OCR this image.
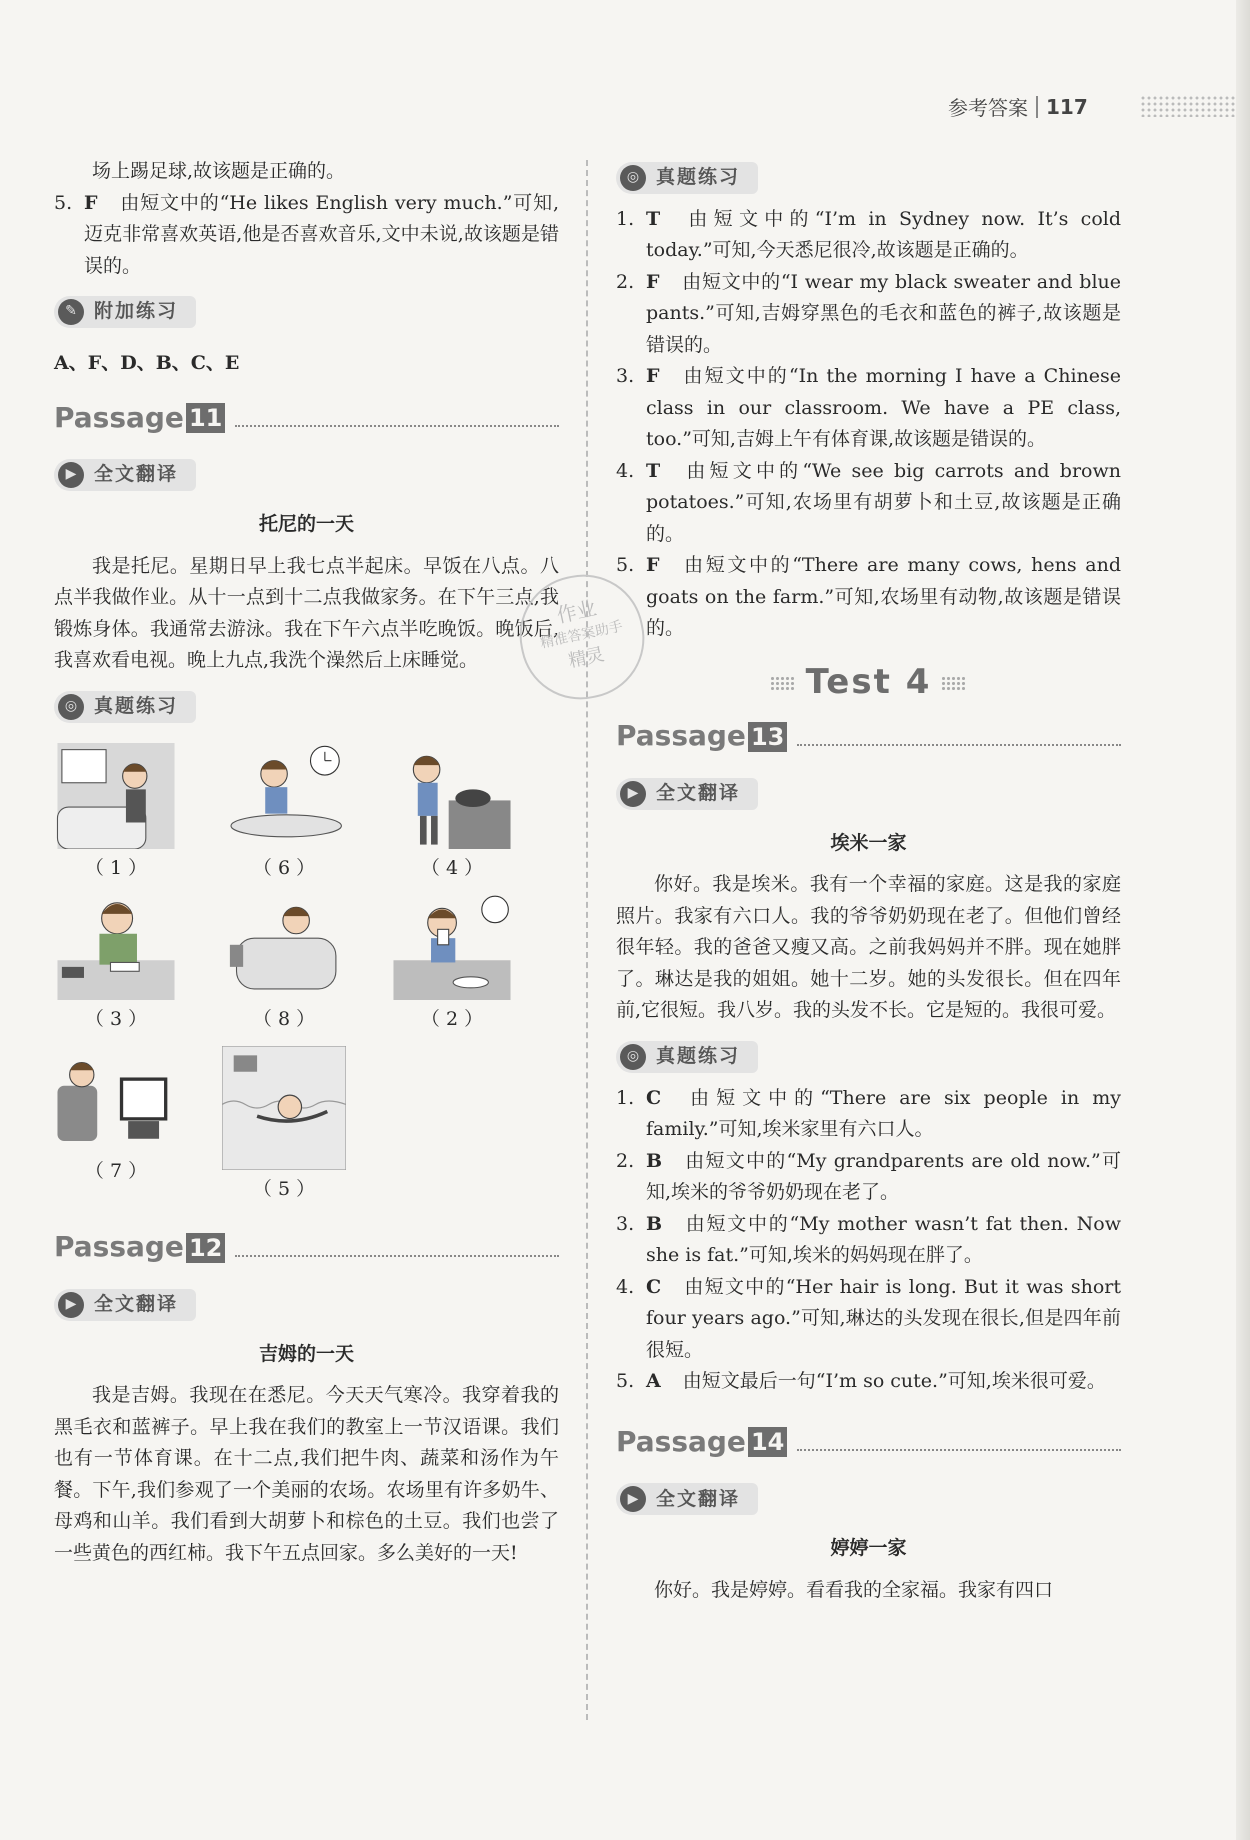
参考答案 117

场上踢足球,故该题是正确的。

5. F 由短文中的“He likes English very much.”可知,迈克非常喜欢英语,他是否喜欢音乐,文中未说,故该题是错误的。

✎ 附加练习

A、F、D、B、C、E

Passage 11
▶ 全文翻译

托尼的一天

我是托尼。星期日早上我七点半起床。早饭在八点。八点半我做作业。从十一点到十二点我做家务。在下午三点,我锻炼身体。我通常去游泳。我在下午六点半吃晚饭。晚饭后,我喜欢看电视。晚上九点,我洗个澡然后上床睡觉。

◎ 真题练习
（ 1 ）	（ 6 ）	（ 4 ）
（ 3 ）	（ 8 ）	（ 2 ）
（ 7 ）
（ 5 ）
Passage 12
▶ 全文翻译

吉姆的一天

我是吉姆。我现在在悉尼。今天天气寒冷。我穿着我的黑毛衣和蓝裤子。早上我在我们的教室上一节汉语课。我们也有一节体育课。在十二点,我们把牛肉、蔬菜和汤作为午餐。下午,我们参观了一个美丽的农场。农场里有许多奶牛、母鸡和山羊。我们看到大胡萝卜和棕色的土豆。我们也尝了一些黄色的西红柿。我下午五点回家。多么美好的一天!

◎ 真题练习

1. T 由短文中的“I’m in Sydney now. It’s cold today.”可知,今天悉尼很冷,故该题是正确的。

2. F 由短文中的“I wear my black sweater and blue pants.”可知,吉姆穿黑色的毛衣和蓝色的裤子,故该题是错误的。

3. F 由短文中的“In the morning I have a Chinese class in our classroom. We have a PE class, too.”可知,吉姆上午有体育课,故该题是错误的。

4. T 由短文中的“We see big carrots and brown potatoes.”可知,农场里有胡萝卜和土豆,故该题是正确的。

5. F 由短文中的“There are many cows, hens and goats on the farm.”可知,农场里有动物,故该题是错误的。

Test 4
Passage 13
▶ 全文翻译

埃米一家

你好。我是埃米。我有一个幸福的家庭。这是我的家庭照片。我家有六口人。我的爷爷奶奶现在老了。但他们曾经很年轻。我的爸爸又瘦又高。之前我妈妈并不胖。现在她胖了。琳达是我的姐姐。她十二岁。她的头发很长。但在四年前,它很短。我八岁。我的头发不长。它是短的。我很可爱。

◎ 真题练习

1. C 由短文中的“There are six people in my family.”可知,埃米家里有六口人。

2. B 由短文中的“My grandparents are old now.”可知,埃米的爷爷奶奶现在老了。

3. B 由短文中的“My mother wasn’t fat then. Now she is fat.”可知,埃米的妈妈现在胖了。

4. C 由短文中的“Her hair is long. But it was short four years ago.”可知,琳达的头发现在很长,但是四年前很短。

5. A 由短文最后一句“I’m so cute.”可知,埃米很可爱。

Passage 14
▶ 全文翻译

婷婷一家

你好。我是婷婷。看看我的全家福。我家有四口

作业
精准答案助手
精灵
